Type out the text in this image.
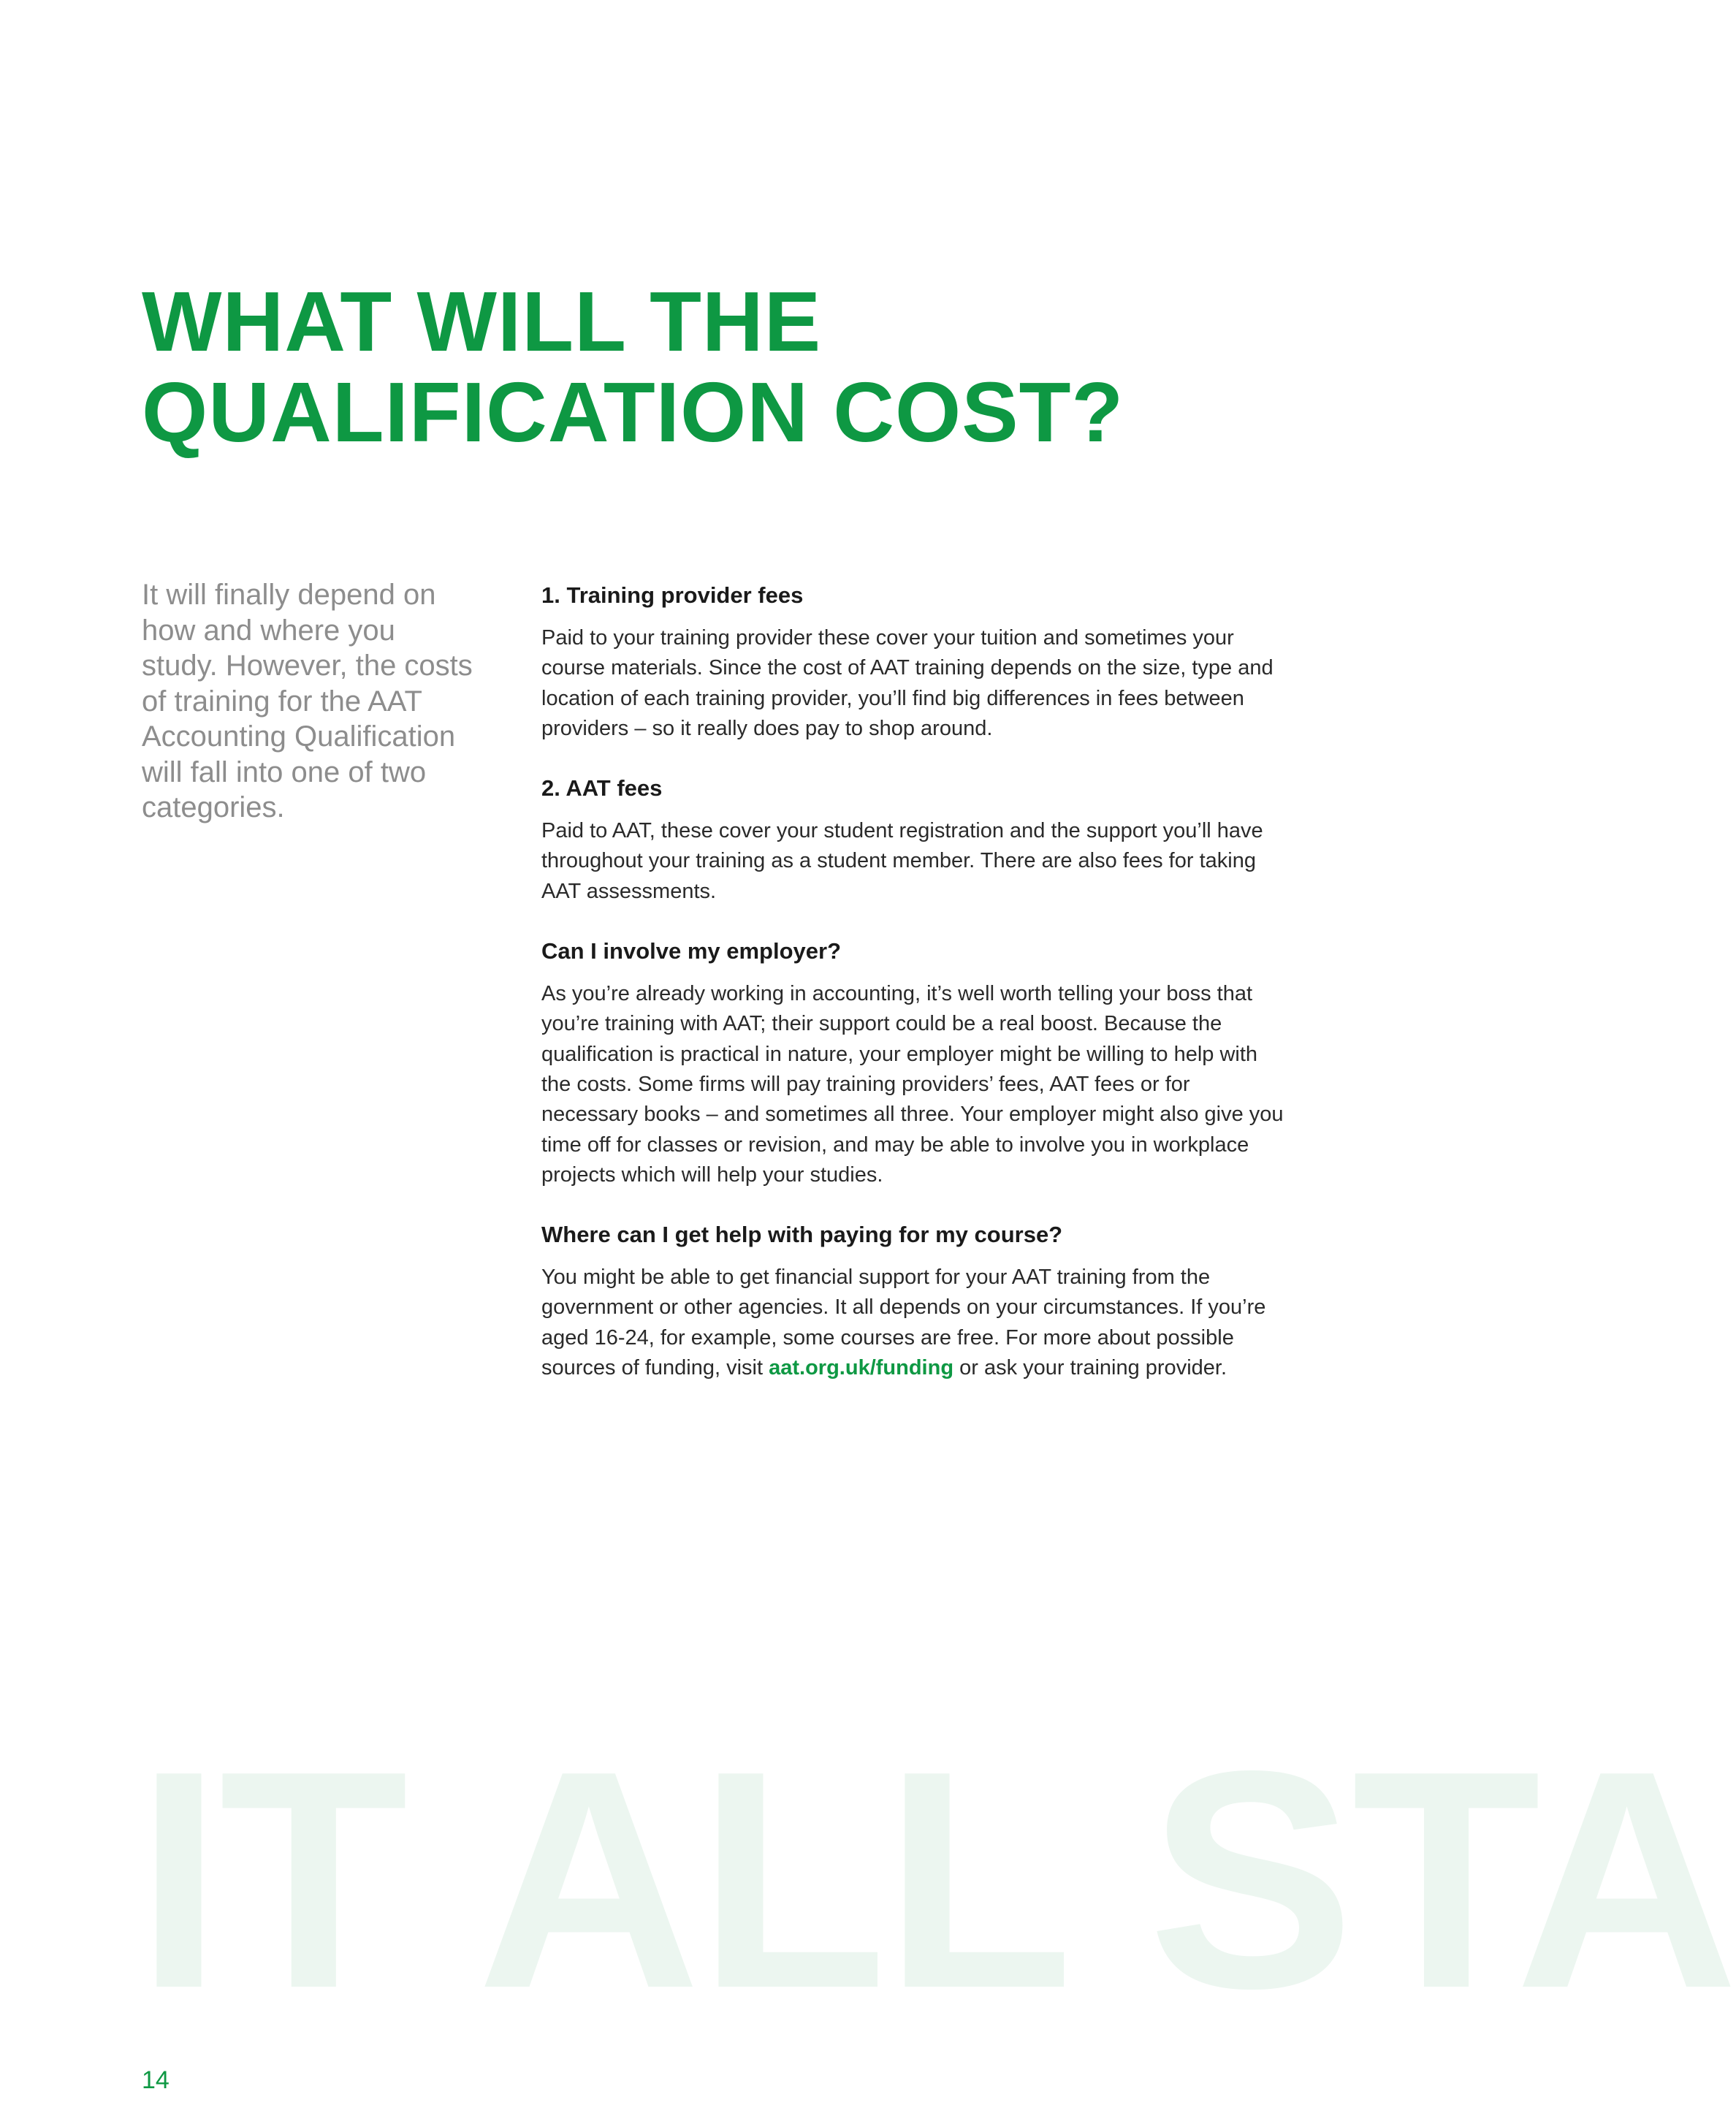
WHAT WILL THE
QUALIFICATION COST?

It will finally depend on how and where you study. However, the costs of training for the AAT Accounting Qualification will fall into one of two categories.

1. Training provider fees

Paid to your training provider these cover your tuition and sometimes your course materials. Since the cost of AAT training depends on the size, type and location of each training provider, you’ll find big differences in fees between providers – so it really does pay to shop around.

2. AAT fees

Paid to AAT, these cover your student registration and the support you’ll have throughout your training as a student member. There are also fees for taking AAT assessments.

Can I involve my employer?

As you’re already working in accounting, it’s well worth telling your boss that you’re training with AAT; their support could be a real boost. Because the qualification is practical in nature, your employer might be willing to help with the costs. Some firms will pay training providers’ fees, AAT fees or for necessary books – and sometimes all three. Your employer might also give you time off for classes or revision, and may be able to involve you in workplace projects which will help your studies.

Where can I get help with paying for my course?

You might be able to get financial support for your AAT training from the government or other agencies. It all depends on your circumstances. If you’re aged 16-24, for example, some courses are free. For more about possible sources of funding, visit aat.org.uk/funding or ask your training provider.

IT ALL STA
14
